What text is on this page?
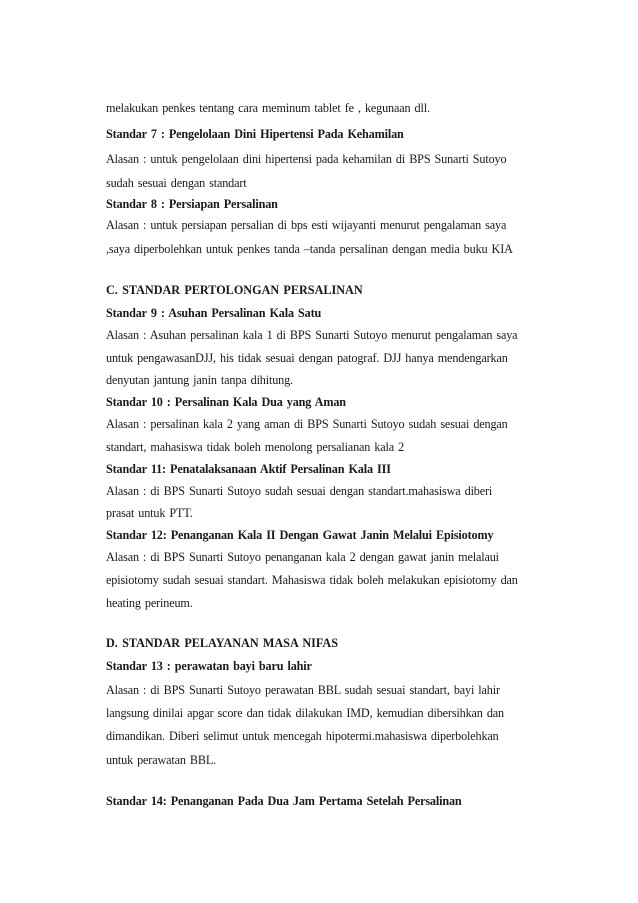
melakukan penkes tentang cara meminum tablet fe , kegunaan dll.
Standar 7 : Pengelolaan Dini Hipertensi Pada Kehamilan
Alasan : untuk pengelolaan dini hipertensi pada kehamilan di BPS Sunarti Sutoyo
sudah sesuai dengan standart
Standar 8 : Persiapan Persalinan
Alasan : untuk persiapan persalian di bps esti wijayanti menurut pengalaman saya
,saya diperbolehkan untuk penkes tanda –tanda persalinan dengan media buku KIA
C. STANDAR PERTOLONGAN PERSALINAN
Standar 9 : Asuhan Persalinan Kala Satu
Alasan : Asuhan persalinan kala 1 di BPS Sunarti Sutoyo menurut pengalaman saya
untuk pengawasanDJJ, his tidak sesuai dengan patograf. DJJ hanya mendengarkan
denyutan jantung janin tanpa dihitung.
Standar 10 : Persalinan Kala Dua yang Aman
Alasan : persalinan kala 2 yang aman di BPS Sunarti Sutoyo sudah sesuai dengan
standart, mahasiswa tidak boleh menolong persalianan kala 2
Standar 11: Penatalaksanaan Aktif Persalinan Kala III
Alasan : di BPS Sunarti Sutoyo sudah sesuai dengan standart.mahasiswa diberi
prasat untuk PTT.
Standar 12: Penanganan Kala II Dengan Gawat Janin Melalui Episiotomy
Alasan : di BPS Sunarti Sutoyo penanganan kala 2 dengan gawat janin melalaui
episiotomy sudah sesuai standart. Mahasiswa tidak boleh melakukan episiotomy dan
heating perineum.
D. STANDAR PELAYANAN MASA NIFAS
Standar 13 : perawatan bayi baru lahir
Alasan : di BPS Sunarti Sutoyo perawatan BBL sudah sesuai standart, bayi lahir
langsung dinilai apgar score dan tidak dilakukan IMD, kemudian dibersihkan dan
dimandikan. Diberi selimut untuk mencegah hipotermi.mahasiswa diperbolehkan
untuk perawatan BBL.
Standar 14: Penanganan Pada Dua Jam Pertama Setelah Persalinan
